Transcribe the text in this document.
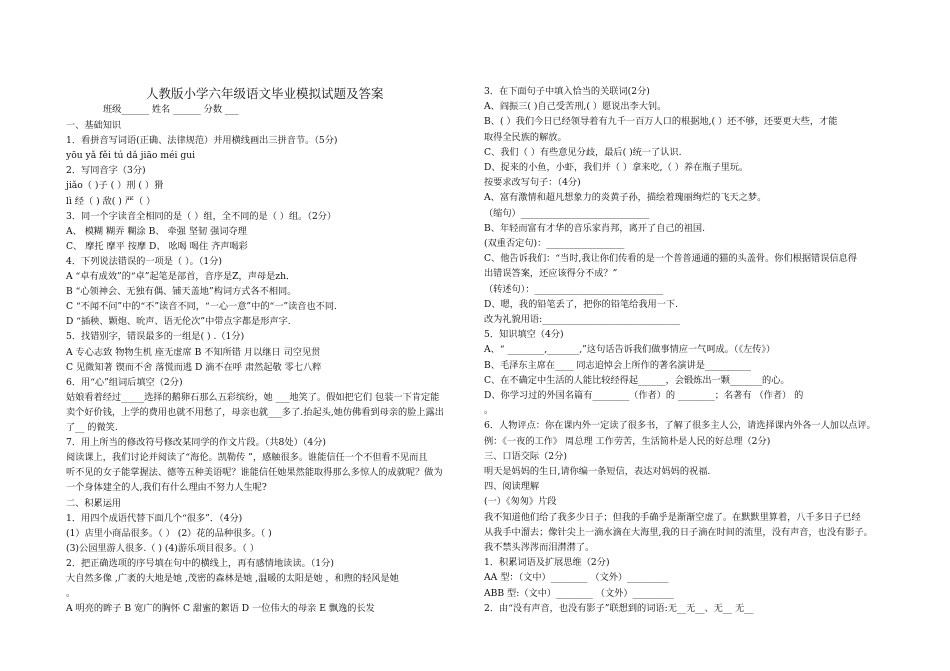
人教版小学六年级语文毕业模拟试题及答案
班级______ 姓名 ______ 分数 ___
一、基础知识
1．看拼音写词语(正确、法律规范）并用横线画出三拼音节。（5分)
yōu yǎ fěi tú dǎ jiāo méi gui
2．写同音字（3分)
jiǎo（ )子 ( ）刑 ( ）猾
lì 经（ ) 敌( ) 严（ ）
3．同一个字读音全相同的是（ ）组，全不同的是（ ）组。（2分）
A、 模糊 糊弄 糊涂 B、 牵强 坚韧 强词夺理
C、 摩托 摩平 按摩 D、 吆喝 喝住 齐声喝彩
4．下列说法错误的一项是（ ）。（1分)
A “卓有成效”的“卓”起笔是部首，音序是Z，声母是zh．
B “心领神会、无独有偶、铺天盖地”构词方式各不相同。
C “不闻不问”中的“不”读音不同，“一心一意”中的“一”读音也不同.
D “插秧、颗炮、吮声、语无伦次”中带点字都是形声字.
5．找错别字，错误最多的一组是( ) .（1分)
A 专心志致 物物生机 座无虚席 B 不知所错 月以继日 司空见贯
C 见微知著 锲而不舍 落慌而逃 D 滴不在呼 肃然起敬 零七八粹
6．用“心”组词后填空（2分)
姑娘看着经过_____选择的鹅卵石那么五彩缤纷，她 ___地笑了。假如把它们 包装一下肯定能
卖个好价钱，上学的费用也就不用愁了，母亲也就___多了.抬起头,她仿佛看到母亲的脸上露出
了__ 的微笑.
7．用上所当的修改符号修改某同学的作文片段。（共8处）（4分)
阅读课上，我们讨论并阅读了“海伦。凯勒传 ”，感触很多。谁能信任一个不但看不见而且
听不见的女子能掌握法、德等五种美语呢？谁能信任她果然能取得那么多惊人的成就呢？做为
一个身体建全的人,我们有什么理由不努力人生呢?
二、积累运用
1．用四个成语代替下面几个“很多”．（4分)
(1）店里小商品很多。（ ） (2）花的品种很多。（ )
(3)公园里游人很多.（ ) (4)游乐项目很多。（ ）
2．把正确选项的序号填在句中的横线上，再有感情地读读。（1分)
大自然多像 ,广袤的大地是她 ,茂密的森林是她 ,温暖的太阳是她 ，和煦的轻风是她
。
A 明亮的眸子 B 宽广的胸怀 C 甜蜜的絮语 D 一位伟大的母亲 E 飘逸的长发
3．在下面句子中填入恰当的关联词(2分)
A、阎振三( )自己受苦刑,( ）愿说出李大钊。
B、( ）我们今日已经领导着有九千一百万人口的根据地,( ）还不够，还要更大些，才能
取得全民族的解放。
C、我们（ ）有些意见分歧，最后( )统一了认识.
D、捉来的小鱼，小虾，我们并（ ）拿来吃,（ ）养在瓶子里玩。
按要求改写句子：（4分)
A、富有激情和超凡想象力的炎黄子孙，描绘着瑰丽绚烂的飞天之梦。
（缩句）____________________________
B、年轻而富有才华的音乐家肖邦，离开了自己的祖国.
(双重否定句)：_________________
C、他告诉我们：“当时,我让你们传看的是一个普普通通的猫的头盖骨。你们根据错误信息得
出错误答案，还应该得分不成？”
（转述句）：____________________________
D、嗯，我的铅笔丢了，把你的铅笔给我用一下.
改为礼貌用语:______________________________
5．知识填空（4分)
A、“ ________,_______,”这句话告诉我们做事情应一气呵成。（《左传》）
B、毛泽东主席在____ 同志追悼会上所作的著名演讲是__________
C、在不确定中生活的人能比较经得起______，会锻炼出一颗_______的心。
D、你学习过的外国名篇有________（作者）的 ________；名著有 （作者） 的
。
6．人物评点：你在课内外一定读了很多书，了解了很多主人公，请选择课内外各一人加以点评。
例：《一夜的工作》 周总理 工作劳苦，生活简朴是人民的好总理（2分)
三、口语交际（2分)
明天是妈妈的生日,请你编一条短信，表达对妈妈的祝福.
四、阅读理解
(一）《匆匆》片段
我不知道他们给了我多少日子；但我的手确乎是渐渐空虚了。在默默里算着，八千多日子已经
从我手中溜去；像针尖上一滴水滴在大海里,我的日子滴在时间的流里，没有声音，也没有影子。
我不禁头涔涔而泪潸潸了。
1．积累词语及扩展思维（2分)
AA 型：（文中）________ （文外）_________
ABB 型:（文中）________ （文外）_________
2．由“没有声音，也没有影子”联想到的词语:无__无__、无__ 无__
